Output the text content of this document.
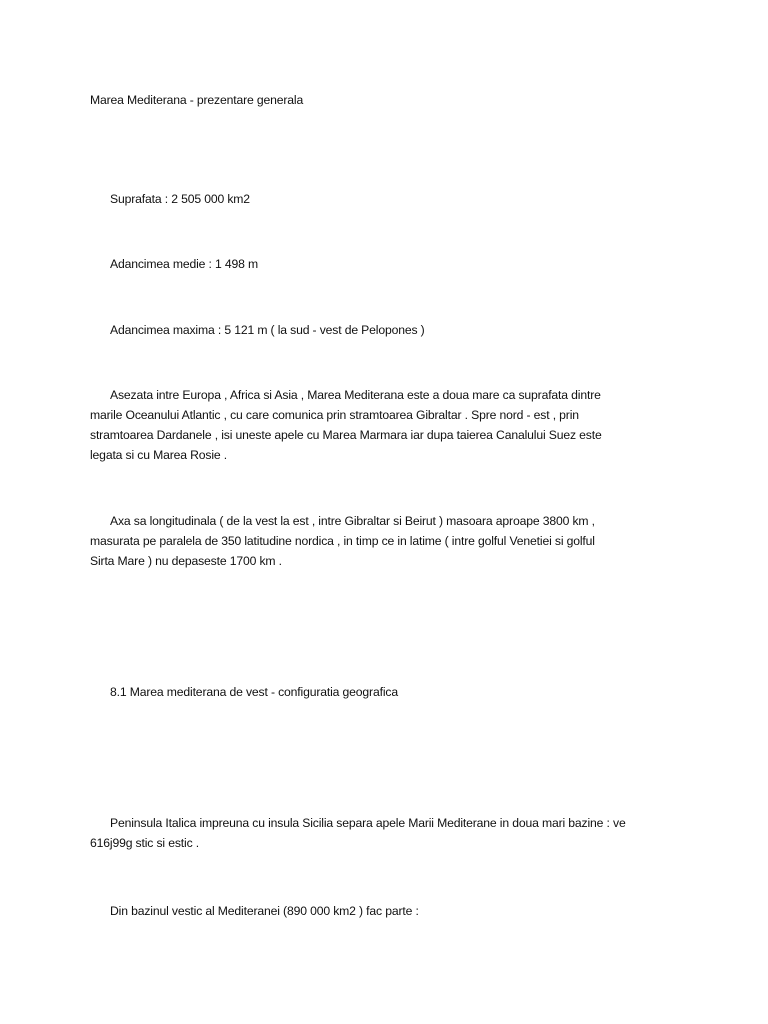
Marea Mediterana - prezentare generala
Suprafata : 2 505 000 km2
Adancimea medie : 1 498 m
Adancimea maxima : 5 121 m ( la sud - vest de Pelopones )
Asezata intre Europa , Africa si Asia , Marea Mediterana este a doua mare ca suprafata dintre
marile Oceanului Atlantic , cu care comunica prin stramtoarea Gibraltar . Spre nord - est , prin
stramtoarea Dardanele , isi uneste apele cu Marea Marmara iar dupa taierea Canalului Suez este
legata si cu Marea Rosie .
Axa sa longitudinala ( de la vest la est , intre Gibraltar si Beirut ) masoara aproape 3800 km ,
masurata pe paralela de 350 latitudine nordica , in timp ce in latime ( intre golful Venetiei si golful
Sirta Mare ) nu depaseste 1700 km .
8.1 Marea mediterana de vest - configuratia geografica
Peninsula Italica impreuna cu insula Sicilia separa apele Marii Mediterane in doua mari bazine : ve
616j99g stic si estic .
Din bazinul vestic al Mediteranei (890 000 km2 ) fac parte :
